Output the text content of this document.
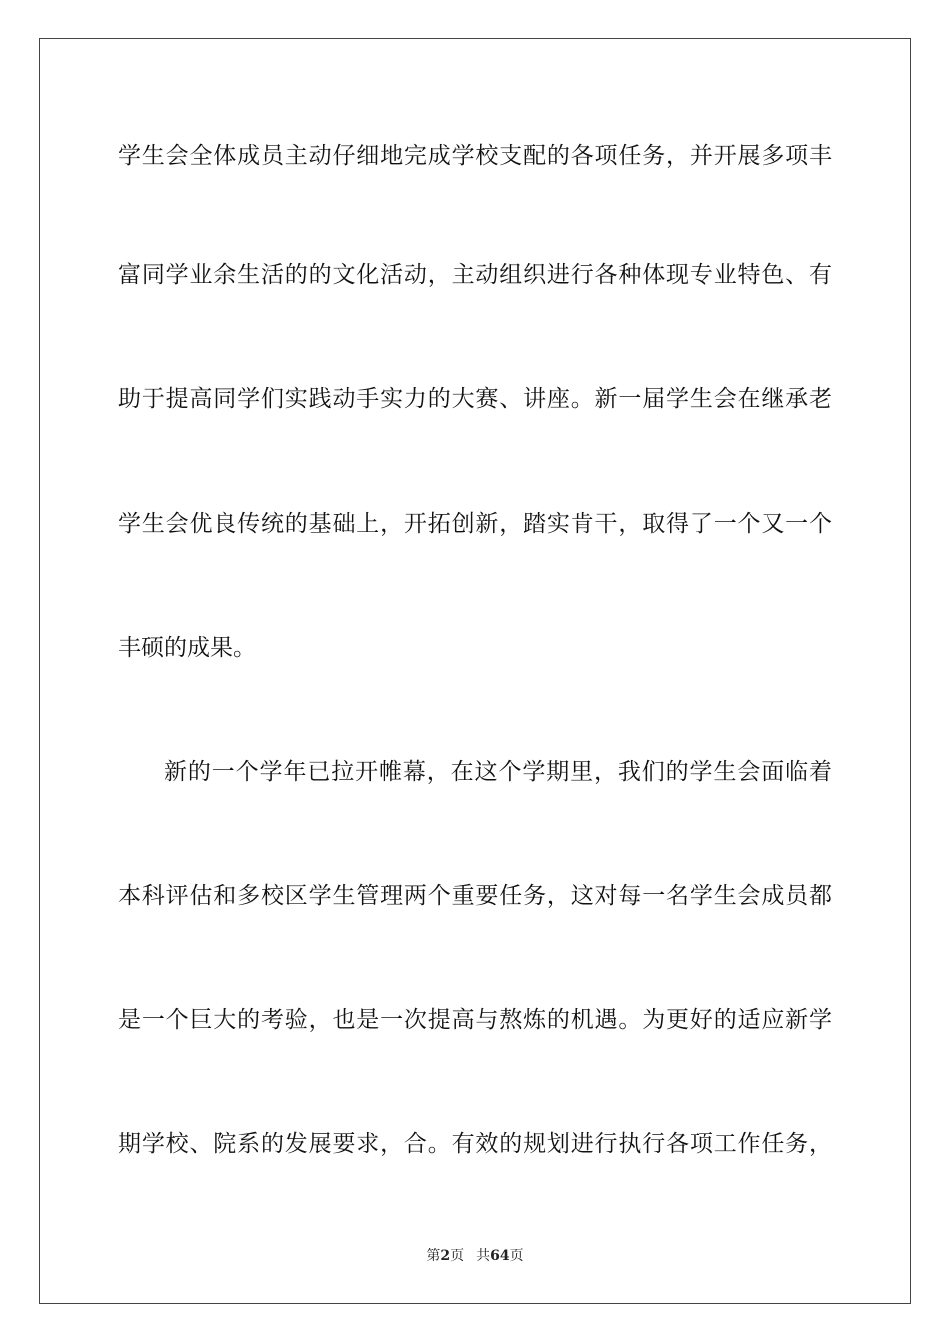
学生会全体成员主动仔细地完成学校支配的各项任务，并开展多项丰
富同学业余生活的的文化活动，主动组织进行各种体现专业特色、有
助于提高同学们实践动手实力的大赛、讲座。新一届学生会在继承老
学生会优良传统的基础上，开拓创新，踏实肯干，取得了一个又一个
丰硕的成果。
新的一个学年已拉开帷幕，在这个学期里，我们的学生会面临着
本科评估和多校区学生管理两个重要任务，这对每一名学生会成员都
是一个巨大的考验，也是一次提高与熬炼的机遇。为更好的适应新学
期学校、院系的发展要求，合。有效的规划进行执行各项工作任务，
第2页 共64页
